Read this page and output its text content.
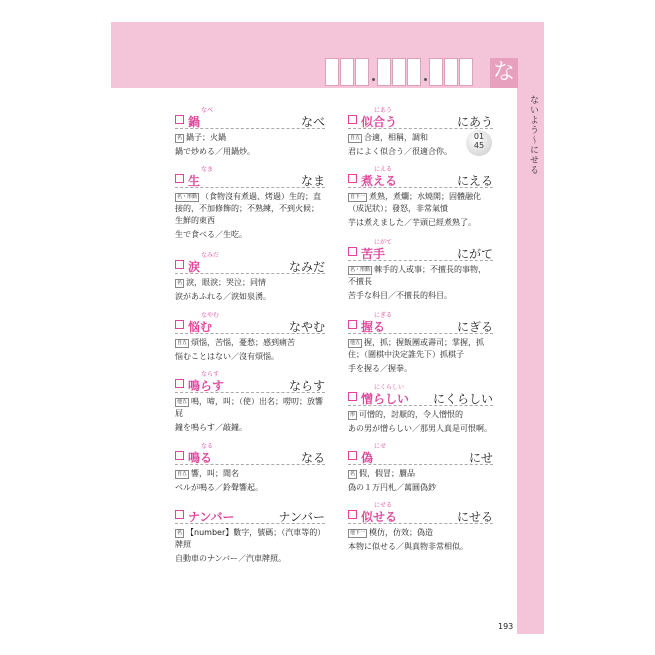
な
ないよう～にせる
01
45
なべ
鍋	なべ
名 鍋子；火鍋
鍋で炒める／用鍋炒。
なま
生	なま
名・形動 （食物沒有煮過、烤過）生的；直接的，不加修飾的；不熟練，不到火候；生鮮的東西
生で食べる／生吃。
なみだ
涙	なみだ
名 淚，眼淚；哭泣；同情
涙があふれる／淚如泉湧。
なやむ
悩む	なやむ
自五 煩惱，苦惱，憂愁；感到痛苦
悩むことはない／沒有煩惱。
ならす
鳴らす	ならす
他五 鳴，啼，叫；（使）出名；嘮叨；放響屁
鐘を鳴らす／敲鐘。
なる
鳴る	なる
自五 響，叫；聞名
ベルが鳴る／鈴聲響起。
ナンバー	ナンバー
名 【number】數字，號碼；（汽車等的）牌照
自動車のナンバー／汽車牌照。
にあう
似合う	にあう
自五 合適，相稱，調和
君によく似合う／很適合你。
にえる
煮える	にえる
自下一 煮熟，煮爛；水燒開；固體融化（成泥狀）；發怒，非常氣憤
芋は煮えました／芋頭已經煮熟了。
にがて
苦手	にがて
名・形動 棘手的人或事；不擅長的事物，不擅長
苦手な科目／不擅長的科目。
にぎる
握る	にぎる
他五 握，抓；握飯團或壽司；掌握，抓住；（圍棋中決定誰先下）抓棋子
手を握る／握拳。
にくらしい
憎らしい にくらしい
形 可憎的，討厭的，令人憎恨的
あの男が憎らしい／那男人真是可恨啊。
にせ
偽	にせ
名 假，假冒；贗品
偽の１万円札／萬圓偽鈔
にせる
似せる	にせる
他下一 模仿，仿效；偽造
本物に似せる／與真物非常相似。
193
